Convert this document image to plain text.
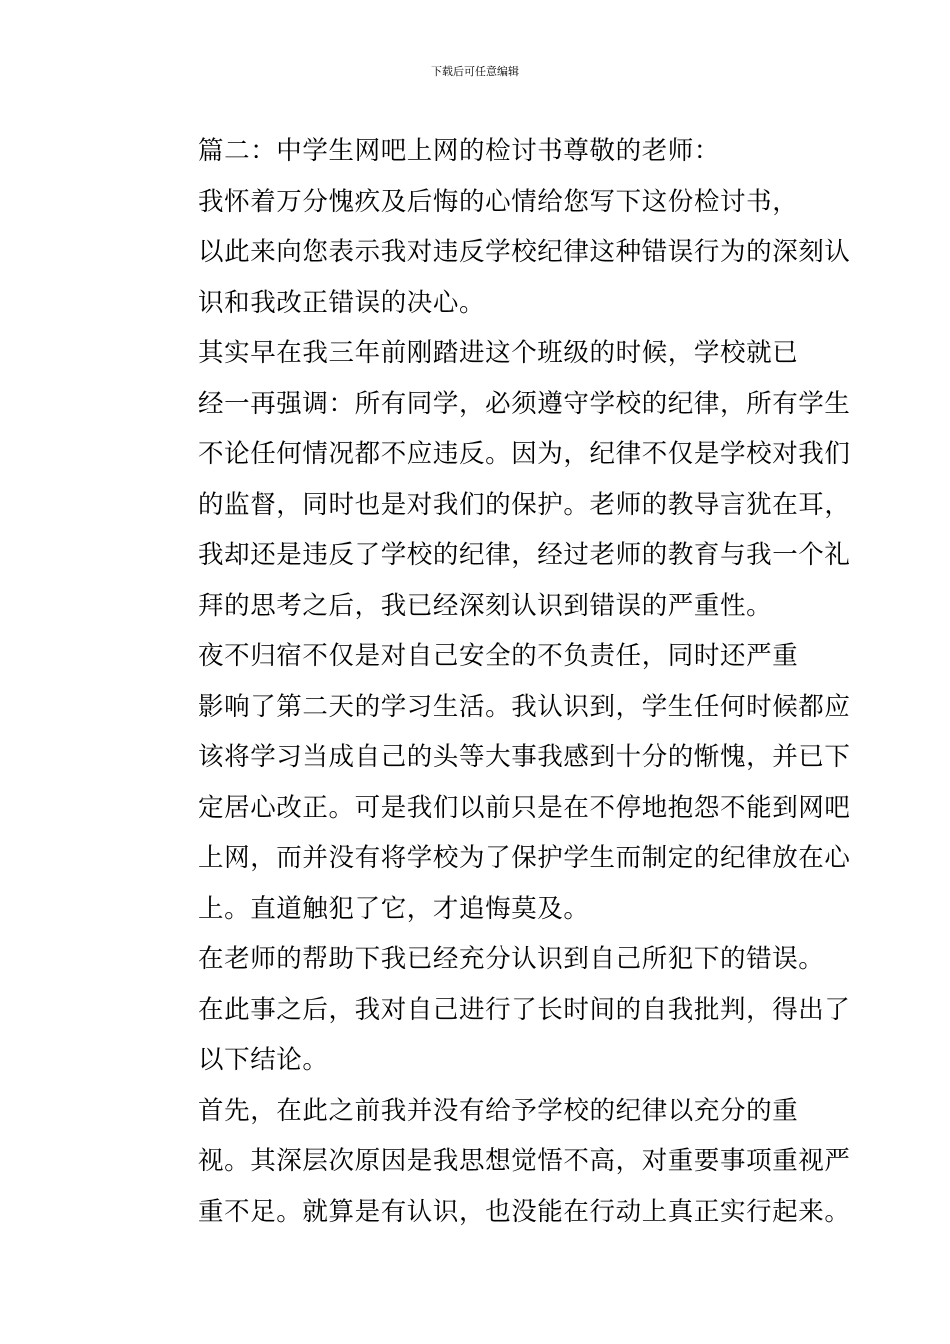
下载后可任意编辑

篇二：中学生网吧上网的检讨书尊敬的老师：

我怀着万分愧疚及后悔的心情给您写下这份检讨书，
以此来向您表示我对违反学校纪律这种错误行为的深刻认
识和我改正错误的决心。

其实早在我三年前刚踏进这个班级的时候，学校就已
经一再强调：所有同学，必须遵守学校的纪律，所有学生
不论任何情况都不应违反。因为，纪律不仅是学校对我们
的监督，同时也是对我们的保护。老师的教导言犹在耳，
我却还是违反了学校的纪律，经过老师的教育与我一个礼
拜的思考之后，我已经深刻认识到错误的严重性。

夜不归宿不仅是对自己安全的不负责任，同时还严重
影响了第二天的学习生活。我认识到，学生任何时候都应
该将学习当成自己的头等大事我感到十分的惭愧，并已下
定居心改正。可是我们以前只是在不停地抱怨不能到网吧
上网，而并没有将学校为了保护学生而制定的纪律放在心
上。直道触犯了它，才追悔莫及。

在老师的帮助下我已经充分认识到自己所犯下的错误。
在此事之后，我对自己进行了长时间的自我批判，得出了
以下结论。

首先，在此之前我并没有给予学校的纪律以充分的重
视。其深层次原因是我思想觉悟不高，对重要事项重视严
重不足。就算是有认识，也没能在行动上真正实行起来。
